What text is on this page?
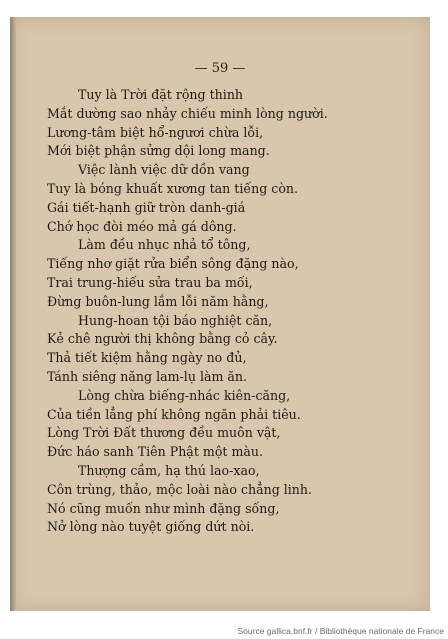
— 59 —
Tuy là Trời đặt rộng thinh
Mắt dường sao nhảy chiếu minh lòng người.
Lương-tâm biệt hổ-ngươi chừa lỗi,
Mới biệt phận sửng dội long mang.
Việc lành việc dữ dồn vang
Tuy là bóng khuất xương tan tiếng còn.
Gái tiết-hạnh giữ tròn danh-giá
Chớ học đòi méo mả gá dông.
Làm đều nhục nhả tổ tông,
Tiếng nhơ giặt rửa biển sông đặng nào,
Trai trung-hiếu sửa trau ba mối,
Đừng buôn-lung lắm lỗi năm hằng,
Hung-hoan tội báo nghiệt căn,
Kẻ chê người thị không bằng cỏ cây.
Thả tiết kiệm hằng ngày no đủ,
Tánh siêng năng lam-lụ làm ăn.
Lòng chừa biếng-nhác kiên-căng,
Của tiền lẳng phí không ngăn phải tiêu.
Lòng Trời Đất thương đều muôn vật,
Đức háo sanh Tiên Phật một màu.
Thượng cầm, hạ thú lao-xao,
Côn trùng, thảo, mộc loài nào chẳng linh.
Nó cũng muốn như mình đặng sống,
Nở lòng nào tuyệt giống dứt nòi.
Source gallica.bnf.fr / Bibliothèque nationale de France
